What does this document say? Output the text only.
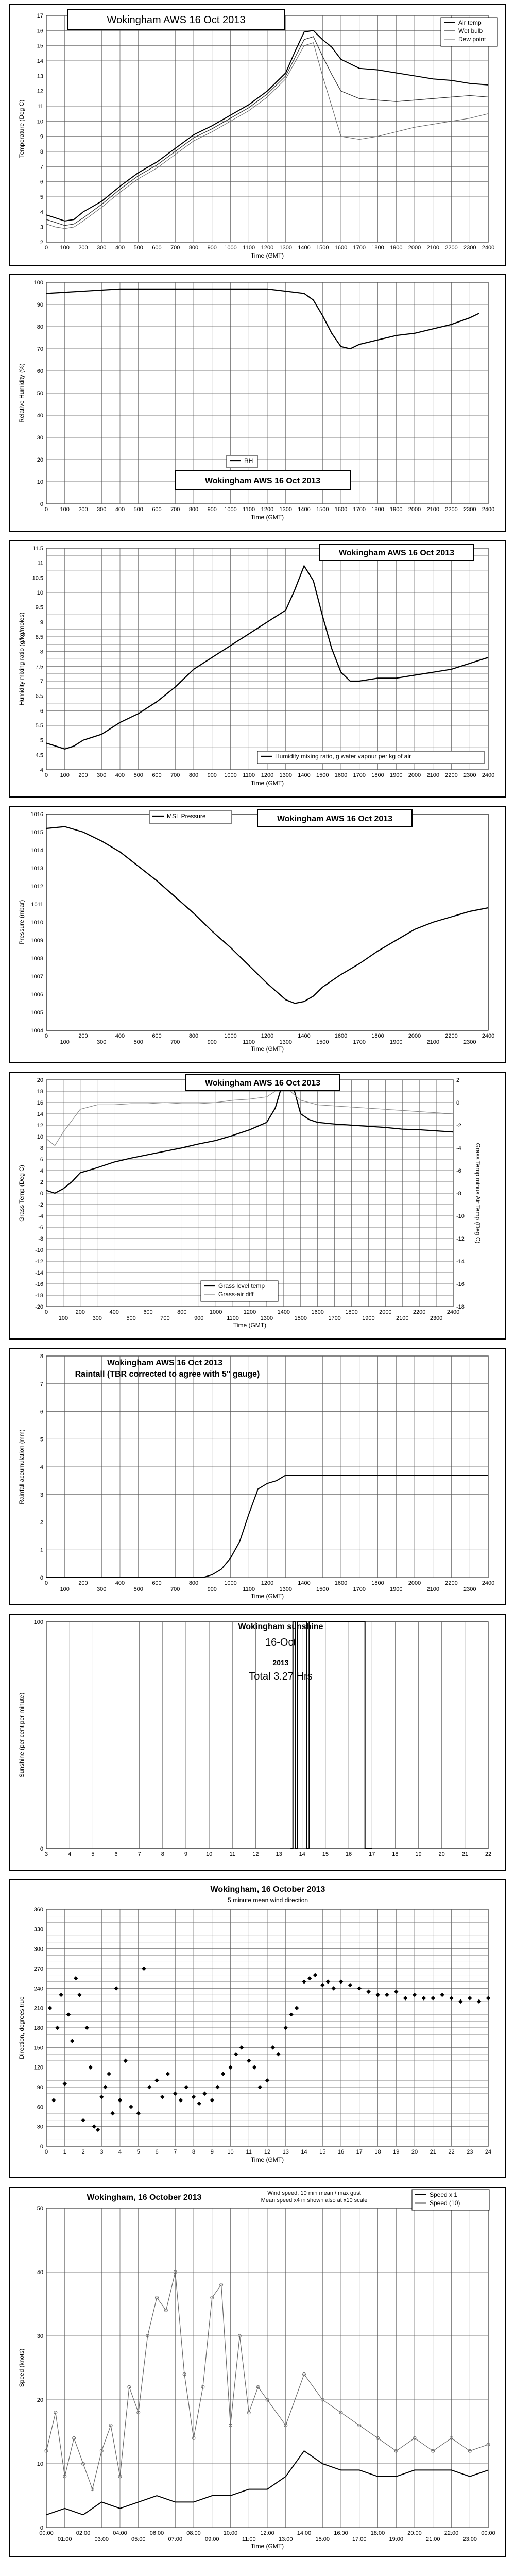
0 100 200 300 400 500 600 700 800 900 1000 1100 1200 1300 1400 1500 1600 1700 1800 1900 2000 2100 2200 2300 2400
2
3
4
5
6
7
8
9
10
11
12
13
14
15
16
17
Time (GMT)
Temperature (Deg C)
Air temp
Wet bulb
Dew point
Wokingham AWS 16 Oct 2013
0 100 200 300 400 500 600 700 800 900 1000 1100 1200 1300 1400 1500 1600 1700 1800 1900 2000 2100 2200 2300 2400
0
10
20
30
40
50
60
70
80
90
100
Time (GMT)
Relative Humidity (%)
RH
Wokingham AWS 16 Oct 2013
0 100 200 300 400 500 600 700 800 900 1000 1100 1200 1300 1400 1500 1600 1700 1800 1900 2000 2100 2200 2300 2400
4
4.5
5
5.5
6
6.5
7
7.5
8
8.5
9
9.5
10
10.5
11
11.5
Time (GMT)
Humidity mixing ratio (g/kg/moles)
Humidity mixing ratio, g water vapour per kg of air
Wokingham AWS 16 Oct 2013
0
100
200
300
400
500
600
700
800
900
1000
1100
1200
1300
1400
1500
1600
1700
1800
1900
2000
2100
2200
2300
2400
1004
1005
1006
1007
1008
1009
1010
1011
1012
1013
1014
1015
1016
Time (GMT)
Pressure (mbar)
MSL Pressure	Wokingham AWS 16 Oct 2013
0
100
200
300
400
500
600
700
800
900
1000
1100
1200
1300
1400
1500
1600
1700
1800
1900
2000
2100
2200
2300
2400
-20
-18
-16
-14
-12
-10
-8
-6
-4
-2
0
2
4
6
8
10
12
14
16
18
20
Time (GMT)
Grass Temp (Deg C)
-18
-16
-14
-12
-10
-8
-6
-4
-2
0
2
Grass Temp minus Air Temp (Deg C)
Grass level temp
Grass-air diff
Wokingham AWS 16 Oct 2013
0
100
200
300
400
500
600
700
800
900
1000
1100
1200
1300
1400
1500
1600
1700
1800
1900
2000
2100
2200
2300
2400
0
1
2
3
4
5
6
7
8
Time (GMT)
Rainfall accumulation (mm)
Wokingham AWS 16 Oct 2013
Raintall (TBR corrected to agree with 5" gauge)
3	4	5	6	7	8	9	10	11	12	13	14	15	16	17	18	19	20	21	22
0
100
Sunshine (per cent per minute)
Wokingham sunshine
16-Oct
2013
Total 3.27 Hrs
0	1	2	3	4	5	6	7	8	9 10 11 12 13 14 15 16 17 18 19 20 21 22 23 24
0
30
60
90
120
150
180
210
240
270
300
330
360
Time (GMT)
Direction, degrees true
Wokingham, 16 October 2013
5 minute mean wind direction
00:00
01:00
02:00
03:00
04:00
05:00
06:00
07:00
08:00
09:00
10:00
11:00
12:00
13:00
14:00
15:00
16:00
17:00
18:00
19:00
20:00
21:00
22:00
23:00
00:00
0
10
20
30
40
50
Time (GMT)
Speed (knots)
Speed x 1
Speed (10)
Wokingham, 16 October 2013	Wind speed, 10 min mean / max gust
Mean speed x4 in shown also at x10 scale
